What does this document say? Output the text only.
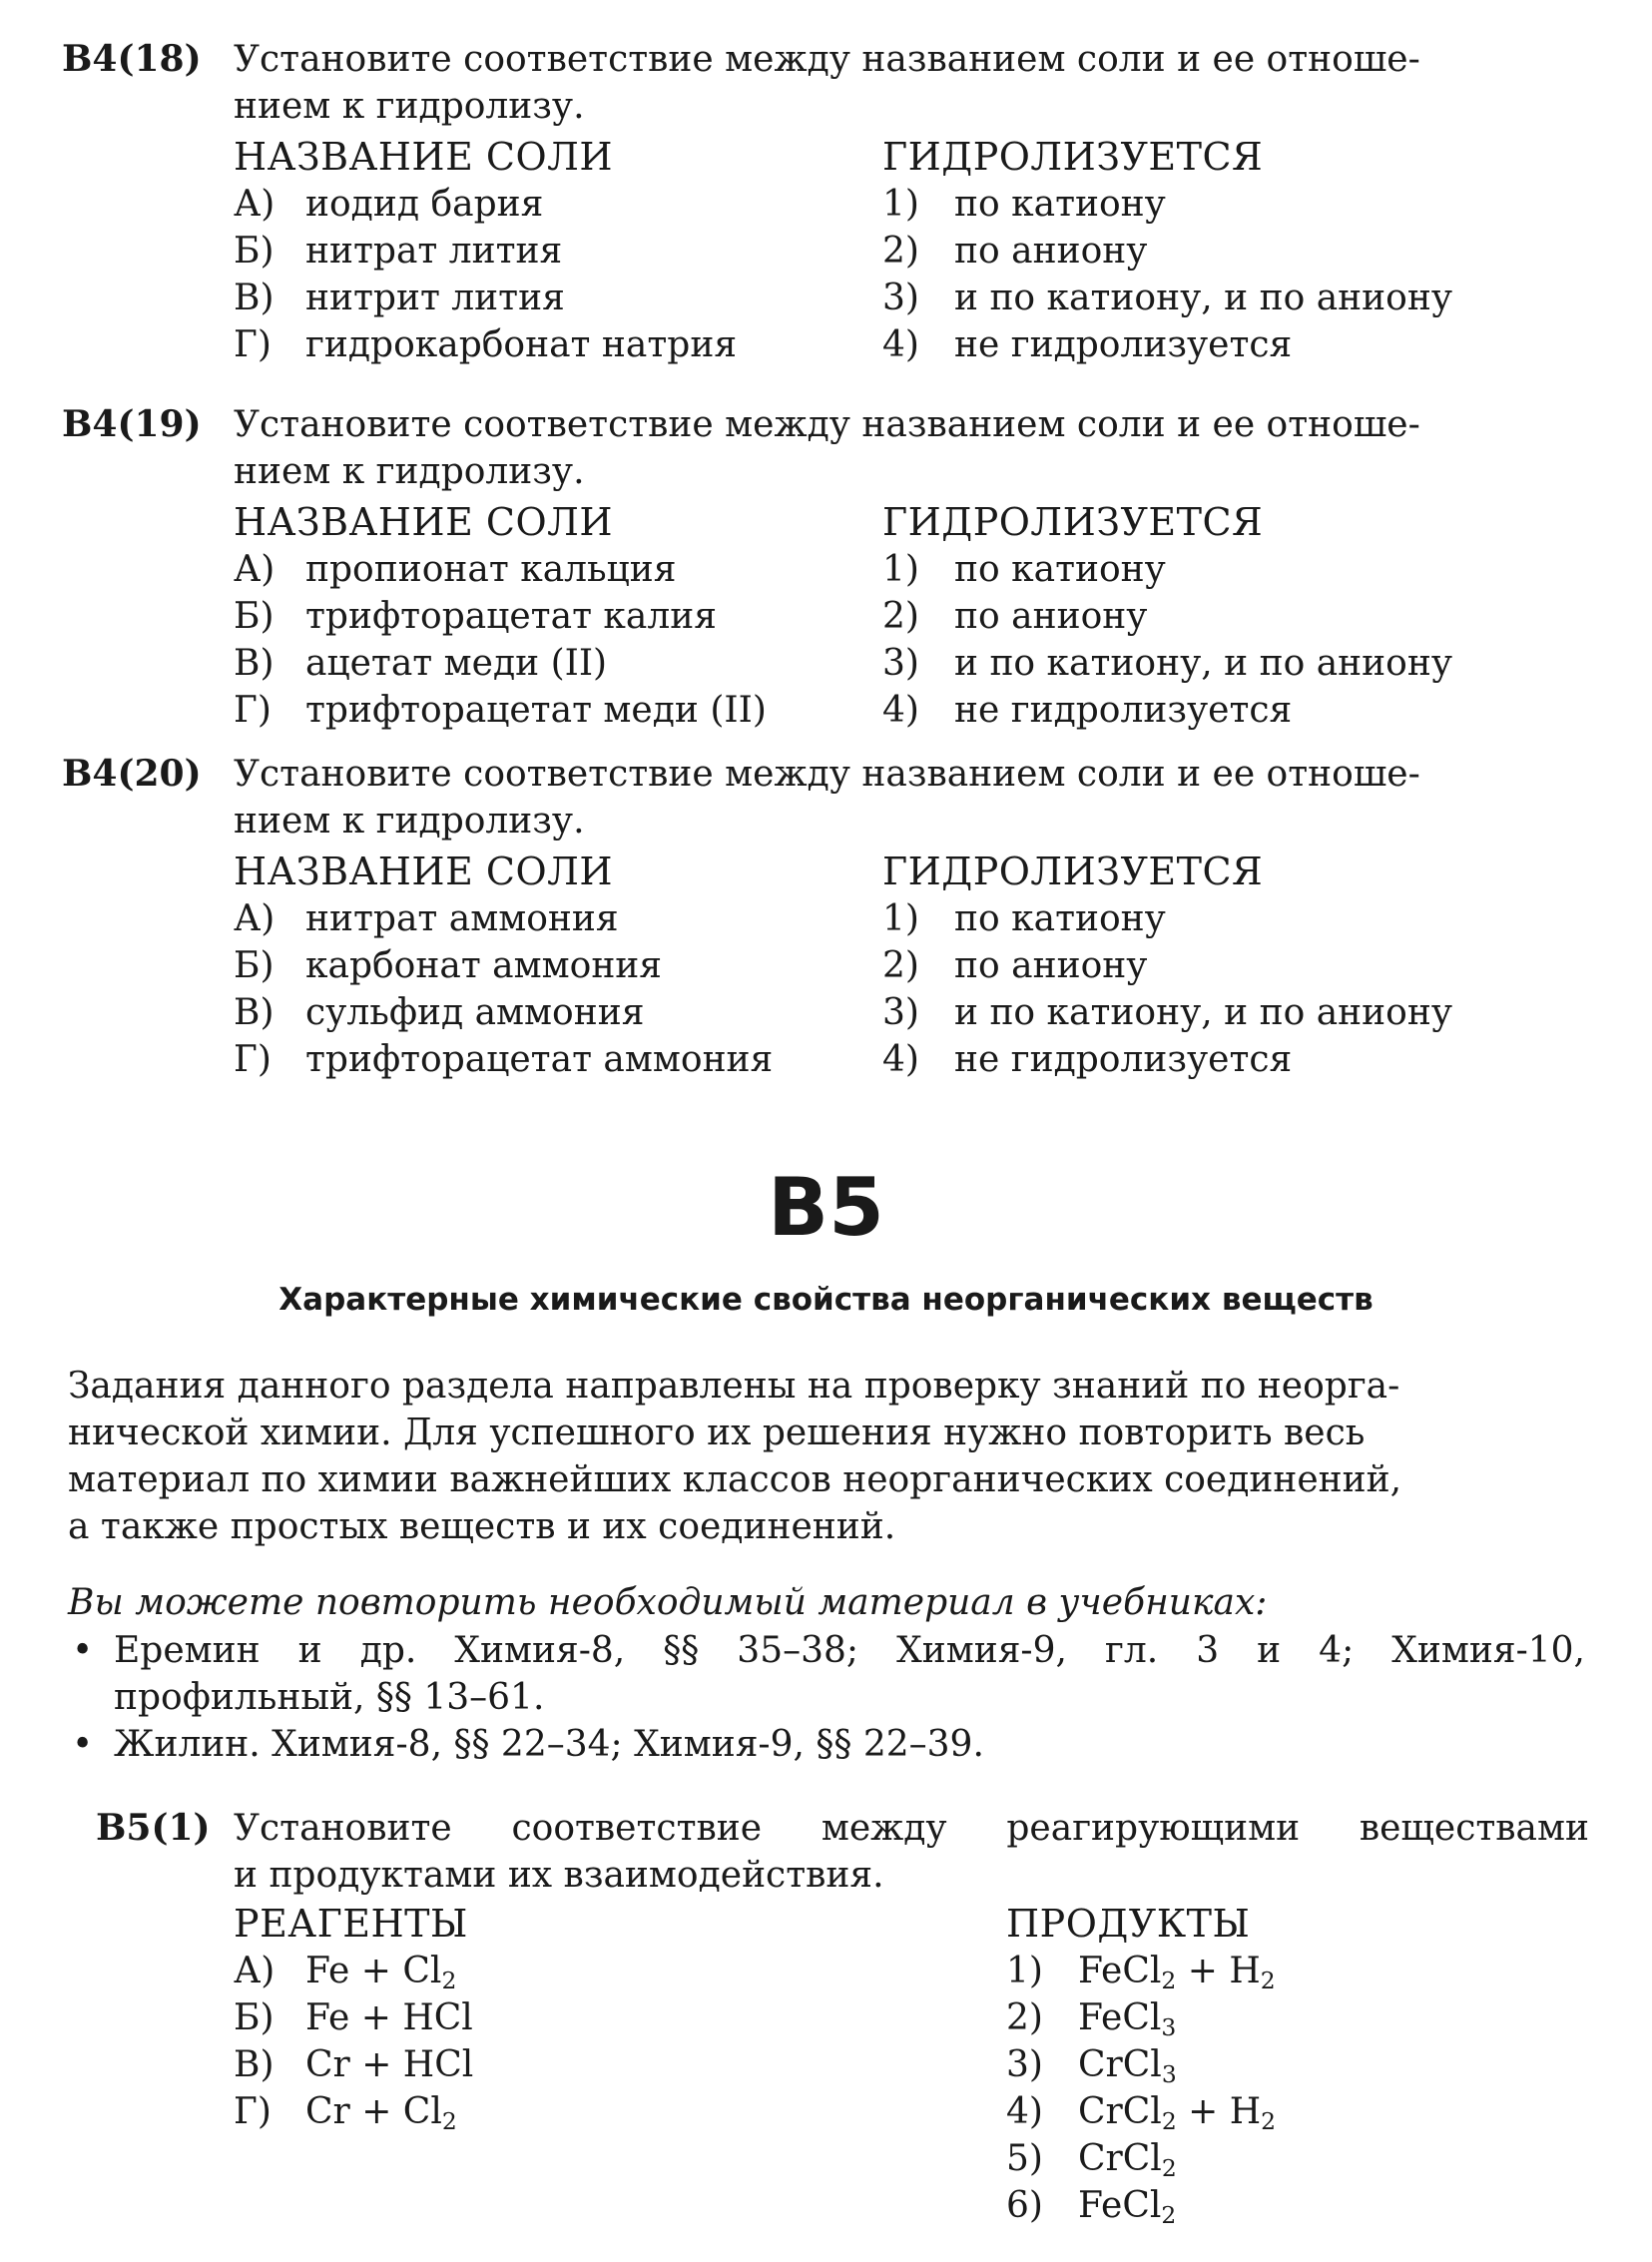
В4(18) Установите соответствие между названием соли и ее отноше-
нием к гидролизу.
НАЗВАНИЕ СОЛИ
А) иодид бария
Б) нитрат лития
В) нитрит лития
Г) гидрокарбонат натрия
ГИДРОЛИЗУЕТСЯ
1) по катиону
2) по аниону
3) и по катиону, и по аниону
4) не гидролизуется
В4(19) Установите соответствие между названием соли и ее отноше-
нием к гидролизу.
НАЗВАНИЕ СОЛИ
А) пропионат кальция
Б) трифторацетат калия
В) ацетат меди (II)
Г) трифторацетат меди (II)
ГИДРОЛИЗУЕТСЯ
1) по катиону
2) по аниону
3) и по катиону, и по аниону
4) не гидролизуется
В4(20) Установите соответствие между названием соли и ее отноше-
нием к гидролизу.
НАЗВАНИЕ СОЛИ
А) нитрат аммония
Б) карбонат аммония
В) сульфид аммония
Г) трифторацетат аммония
ГИДРОЛИЗУЕТСЯ
1) по катиону
2) по аниону
3) и по катиону, и по аниону
4) не гидролизуется
В5
Характерные химические свойства неорганических веществ
Задания данного раздела направлены на проверку знаний по неорга-
нической химии. Для успешного их решения нужно повторить весь
материал по химии важнейших классов неорганических соединений,
а также простых веществ и их соединений.
Вы можете повторить необходимый материал в учебниках:
• Еремин и др. Химия-8, §§ 35–38; Химия-9, гл. 3 и 4; Химия-10,
профильный, §§ 13–61.
• Жилин. Химия-8, §§ 22–34; Химия-9, §§ 22–39.
В5(1) Установите соответствие между реагирующими веществами
и продуктами их взаимодействия.
РЕАГЕНТЫ
А) $Fe + Cl_2$
Б) Fe + HCl
В) Cr + HCl
Г) $Cr + Cl_2$
ПРОДУКТЫ
1) FeCl$_2$ + $H_2$
2) FeCl$_3$
3) CrCl$_3$
4) CrCl$_2$ + $H_2$
5) CrCl$_2$
6) FeCl$_2$
